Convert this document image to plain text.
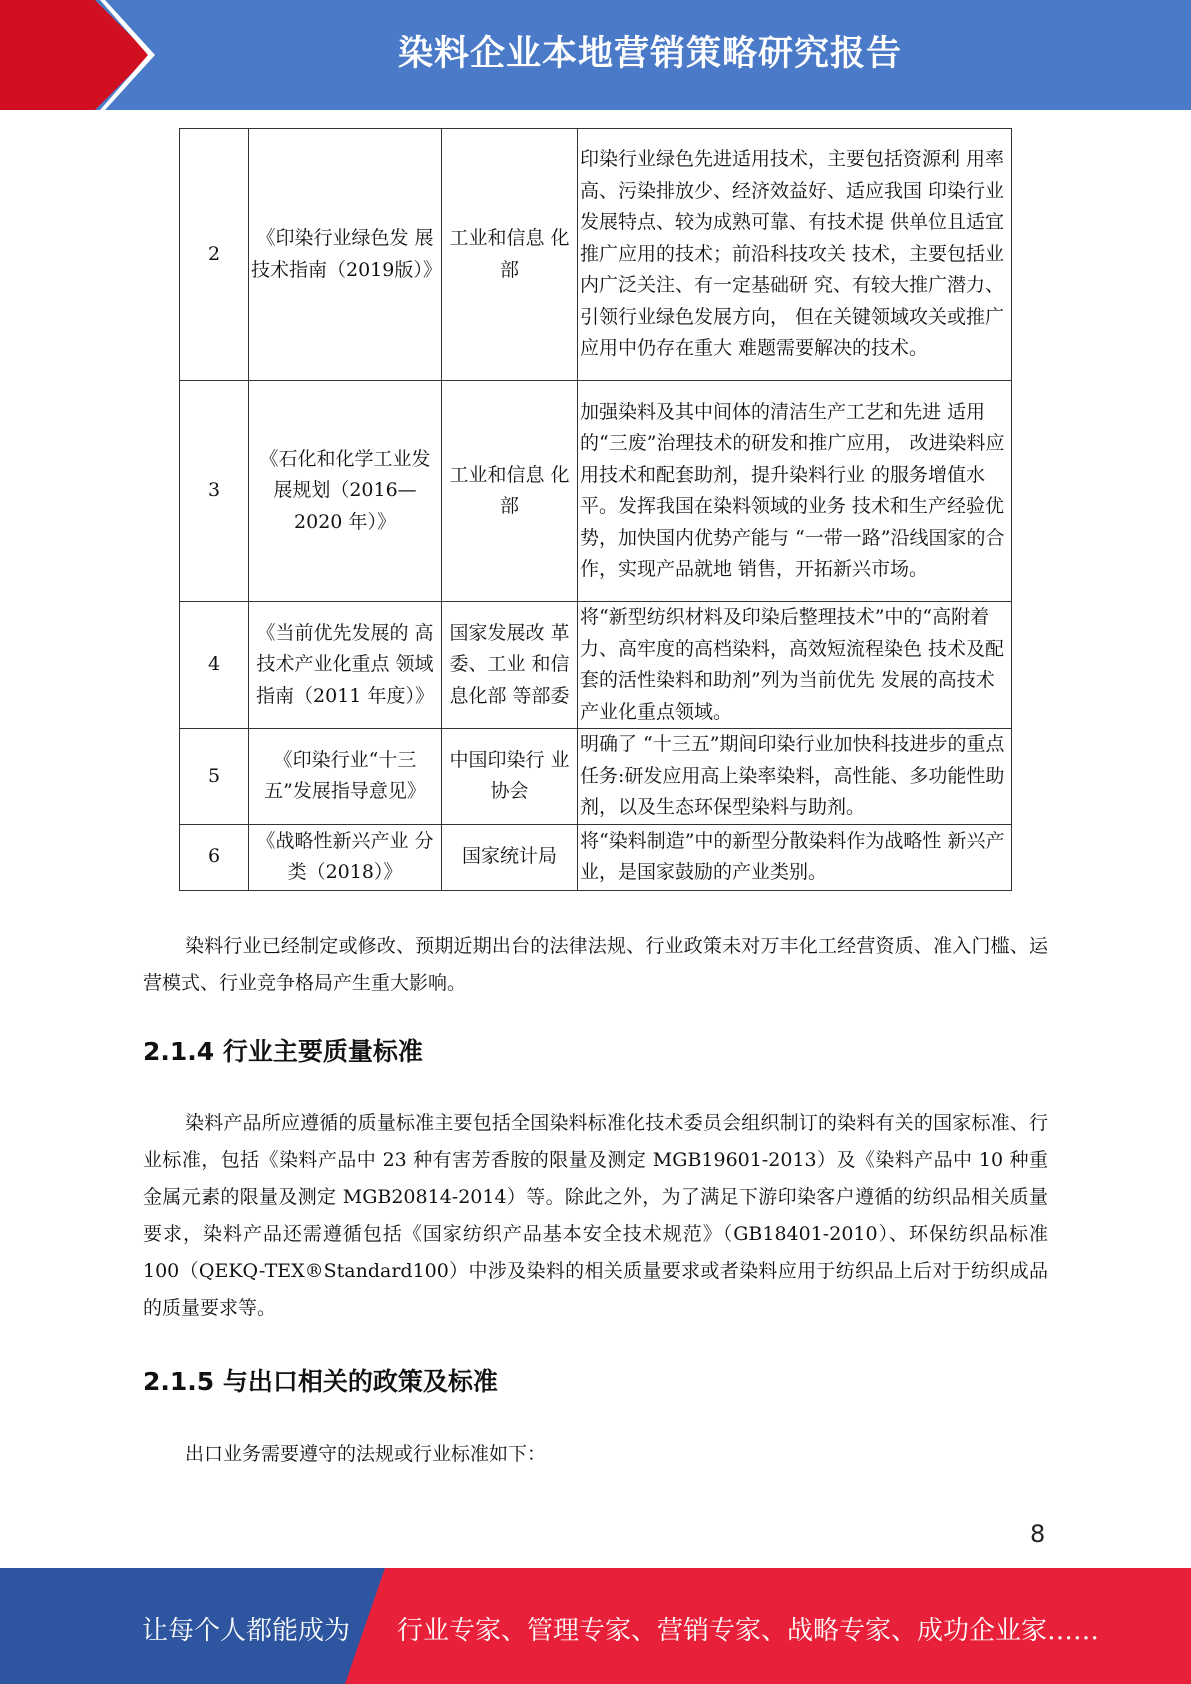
染料企业本地营销策略研究报告
2	《印染行业绿色发 展技术指南（2019版）》	工业和信息 化部	印染行业绿色先进适用技术，主要包括资源利 用率高、污染排放少、经济效益好、适应我国 印染行业发展特点、较为成熟可靠、有技术提 供单位且适宜推广应用的技术；前沿科技攻关 技术，主要包括业内广泛关注、有一定基础研 究、有较大推广潜力、引领行业绿色发展方向， 但在关键领域攻关或推广应用中仍存在重大 难题需要解决的技术。
3	《石化和化学工业发展规划（2016—2020 年）》	工业和信息 化部	加强染料及其中间体的清洁生产工艺和先进 适用的“三废”治理技术的研发和推广应用， 改进染料应用技术和配套助剂，提升染料行业 的服务增值水平。发挥我国在染料领域的业务 技术和生产经验优势，加快国内优势产能与 “一带一路”沿线国家的合作，实现产品就地 销售，开拓新兴市场。
4	《当前优先发展的 高技术产业化重点 领域指南（2011 年度）》	国家发展改 革委、工业 和信息化部 等部委	将“新型纺织材料及印染后整理技术”中的“高附着力、高牢度的高档染料，高效短流程染色 技术及配套的活性染料和助剂”列为当前优先 发展的高技术产业化重点领域。
5	《印染行业“十三五”发展指导意见》	中国印染行 业协会	明确了 “十三五”期间印染行业加快科技进步的重点任务:研发应用高上染率染料，高性能、多功能性助剂，以及生态环保型染料与助剂。
6	《战略性新兴产业 分类（2018）》	国家统计局	将“染料制造”中的新型分散染料作为战略性 新兴产业，是国家鼓励的产业类别。
染料行业已经制定或修改、预期近期出台的法律法规、行业政策未对万丰化工经营资质、准入门槛、运营模式、行业竞争格局产生重大影响。
2.1.4 行业主要质量标准
染料产品所应遵循的质量标准主要包括全国染料标准化技术委员会组织制订的染料有关的国家标准、行业标准，包括《染料产品中 23 种有害芳香胺的限量及测定 MGB19601-2013）及《染料产品中 10 种重金属元素的限量及测定 MGB20814-2014）等。除此之外，为了满足下游印染客户遵循的纺织品相关质量要求，染料产品还需遵循包括《国家纺织产品基本安全技术规范》（GB18401-2010）、环保纺织品标准 100（QEKQ-TEX®Standard100）中涉及染料的相关质量要求或者染料应用于纺织品上后对于纺织成品的质量要求等。
2.1.5 与出口相关的政策及标准
出口业务需要遵守的法规或行业标准如下：
8
让每个人都能成为 行业专家、管理专家、营销专家、战略专家、成功企业家……
